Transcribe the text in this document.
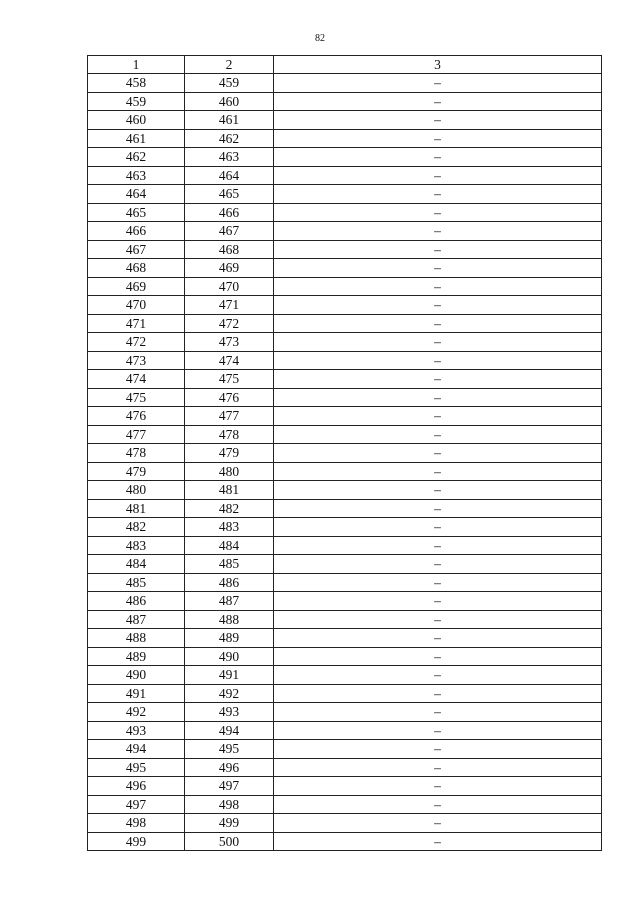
82
1	2	3
458	459	–
459	460	–
460	461	–
461	462	–
462	463	–
463	464	–
464	465	–
465	466	–
466	467	–
467	468	–
468	469	–
469	470	–
470	471	–
471	472	–
472	473	–
473	474	–
474	475	–
475	476	–
476	477	–
477	478	–
478	479	–
479	480	–
480	481	–
481	482	–
482	483	–
483	484	–
484	485	–
485	486	–
486	487	–
487	488	–
488	489	–
489	490	–
490	491	–
491	492	–
492	493	–
493	494	–
494	495	–
495	496	–
496	497	–
497	498	–
498	499	–
499	500	–
